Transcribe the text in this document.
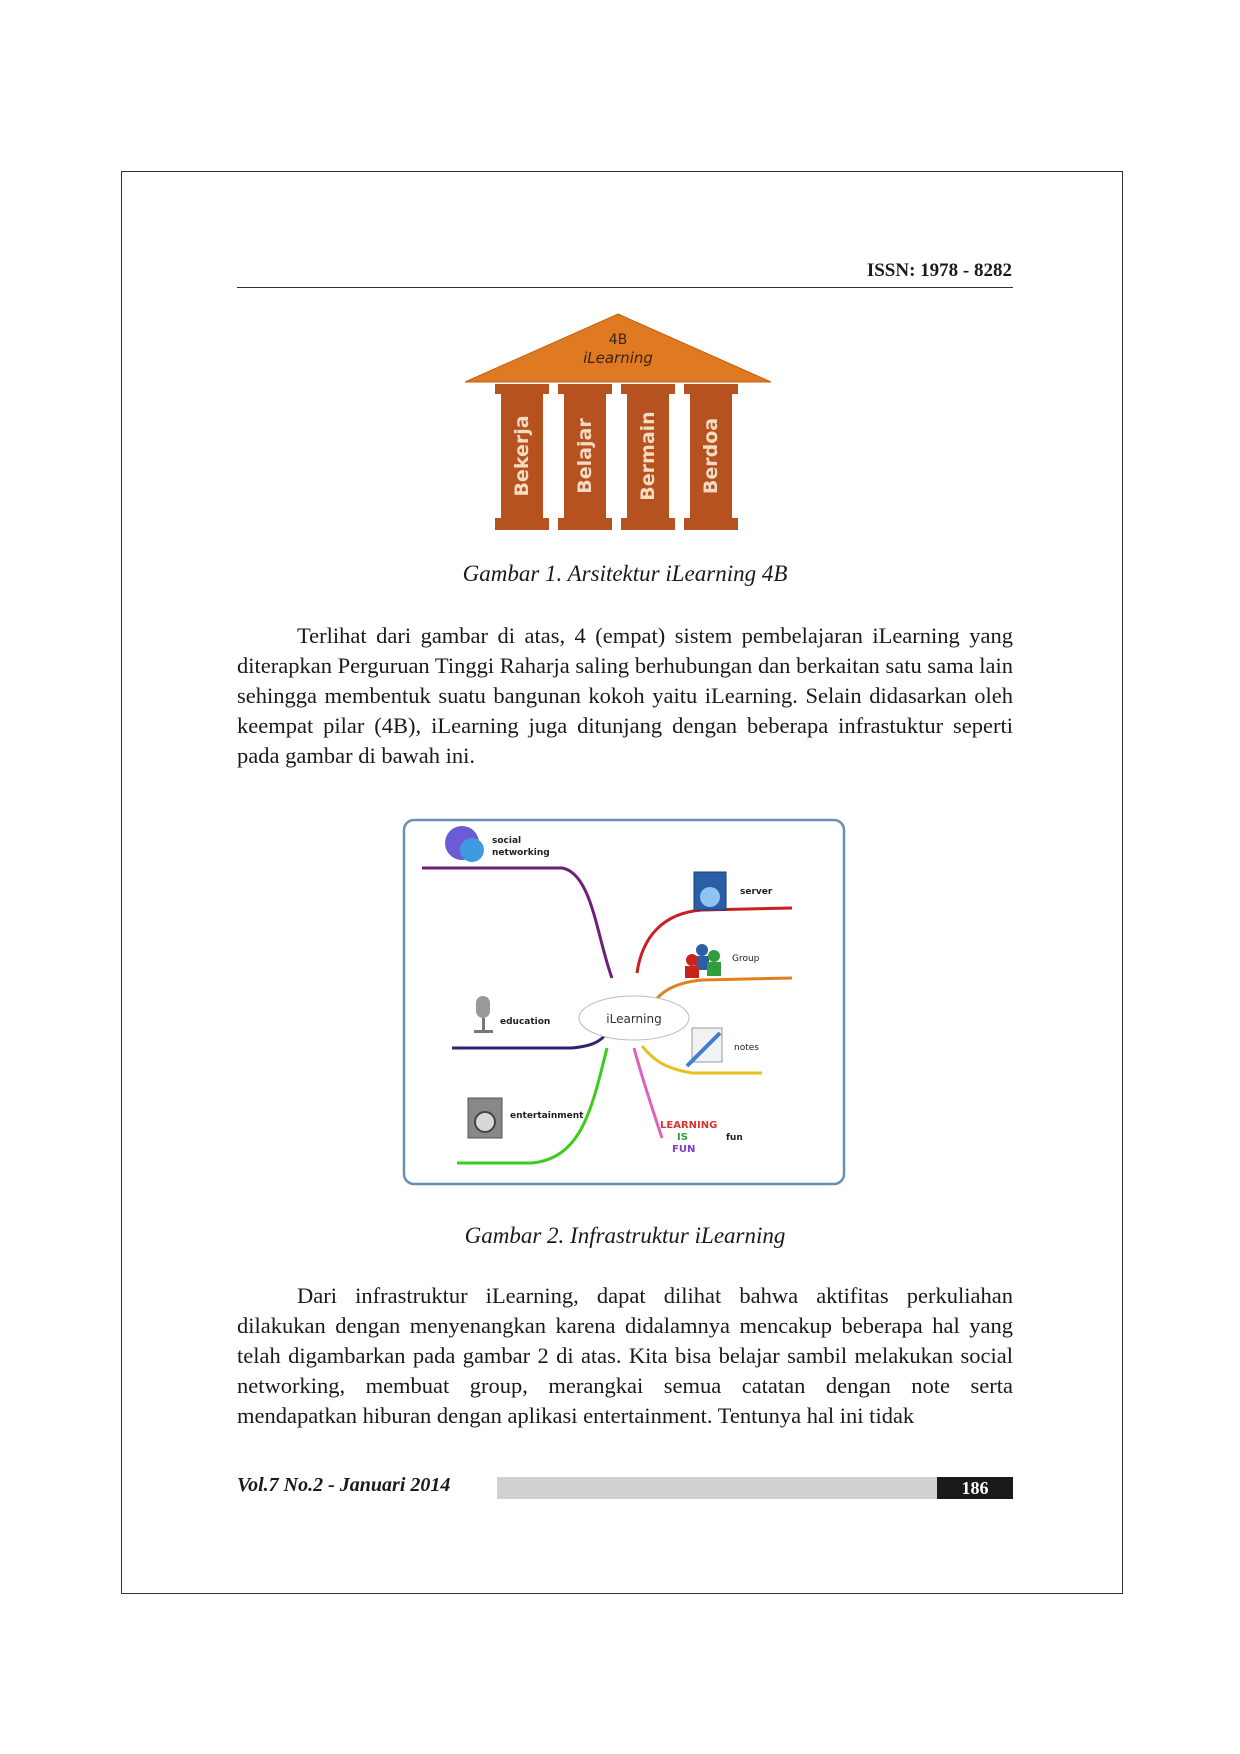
ISSN: 1978 - 8282
4B
iLearning
Bekerja Belajar Bermain Berdoa
Gambar 1. Arsitektur iLearning 4B

Terlihat dari gambar di atas, 4 (empat) sistem pembelajaran iLearning yang diterapkan Perguruan Tinggi Raharja saling berhubungan dan berkaitan satu sama lain sehingga membentuk suatu bangunan kokoh yaitu iLearning. Selain didasarkan oleh keempat pilar (4B), iLearning juga ditunjang dengan beberapa infrastuktur seperti pada gambar di bawah ini.

iLearning
social
networking
server
Group
education
notes
entertainment
LEARNING
IS
FUN
fun
Gambar 2. Infrastruktur iLearning

Dari infrastruktur iLearning, dapat dilihat bahwa aktifitas perkuliahan dilakukan dengan menyenangkan karena didalamnya mencakup beberapa hal yang telah digambarkan pada gambar 2 di atas. Kita bisa belajar sambil melakukan social networking, membuat group, merangkai semua catatan dengan note serta mendapatkan hiburan dengan aplikasi entertainment. Tentunya hal ini tidak

Vol.7 No.2 - Januari 2014	186
